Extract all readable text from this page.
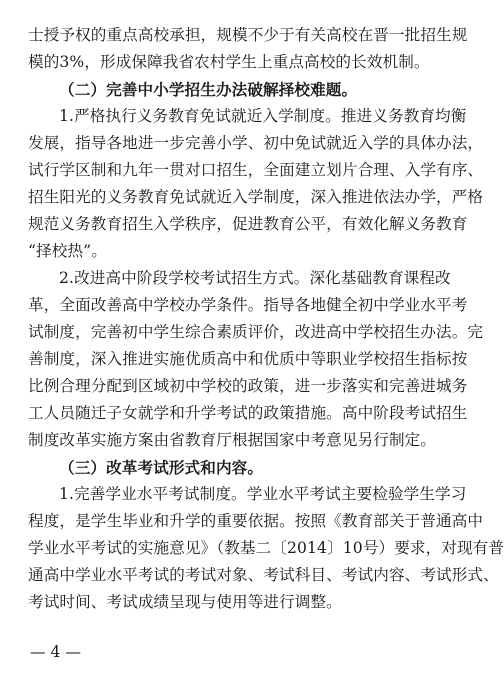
士授予权的重点高校承担，规模不少于有关高校在晋一批招生规
模的3%，形成保障我省农村学生上重点高校的长效机制。
（二）完善中小学招生办法破解择校难题。
1.严格执行义务教育免试就近入学制度。推进义务教育均衡
发展，指导各地进一步完善小学、初中免试就近入学的具体办法，
试行学区制和九年一贯对口招生，全面建立划片合理、入学有序、
招生阳光的义务教育免试就近入学制度，深入推进依法办学，严格
规范义务教育招生入学秩序，促进教育公平，有效化解义务教育
“择校热”。
2.改进高中阶段学校考试招生方式。深化基础教育课程改
革，全面改善高中学校办学条件。指导各地健全初中学业水平考
试制度，完善初中学生综合素质评价，改进高中学校招生办法。完
善制度，深入推进实施优质高中和优质中等职业学校招生指标按
比例合理分配到区域初中学校的政策，进一步落实和完善进城务
工人员随迁子女就学和升学考试的政策措施。高中阶段考试招生
制度改革实施方案由省教育厅根据国家中考意见另行制定。
（三）改革考试形式和内容。
1.完善学业水平考试制度。学业水平考试主要检验学生学习
程度，是学生毕业和升学的重要依据。按照《教育部关于普通高中
学业水平考试的实施意见》（教基二〔2014〕10号）要求，对现有普
通高中学业水平考试的考试对象、考试科目、考试内容、考试形式、
考试时间、考试成绩呈现与使用等进行调整。
— 4 —
